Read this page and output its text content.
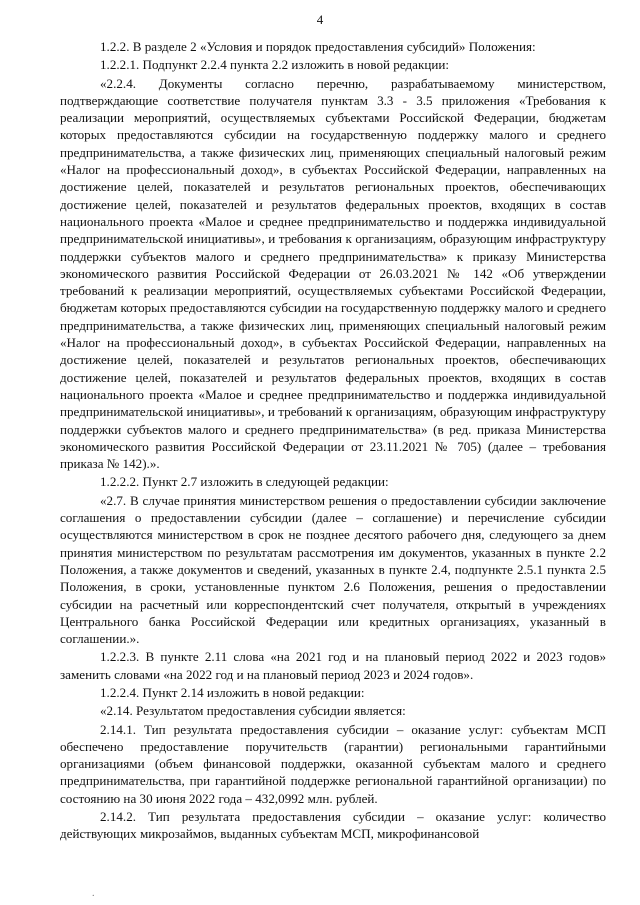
4

1.2.2. В разделе 2 «Условия и порядок предоставления субсидий» Положения:

1.2.2.1. Подпункт 2.2.4 пункта 2.2 изложить в новой редакции:

«2.2.4. Документы согласно перечню, разрабатываемому министерством, подтверждающие соответствие получателя пунктам 3.3 - 3.5 приложения «Требования к реализации мероприятий, осуществляемых субъектами Российской Федерации, бюджетам которых предоставляются субсидии на государственную поддержку малого и среднего предпринимательства, а также физических лиц, применяющих специальный налоговый режим «Налог на профессиональный доход», в субъектах Российской Федерации, направленных на достижение целей, показателей и результатов региональных проектов, обеспечивающих достижение целей, показателей и результатов федеральных проектов, входящих в состав национального проекта «Малое и среднее предпринимательство и поддержка индивидуальной предпринимательской инициативы», и требования к организациям, образующим инфраструктуру поддержки субъектов малого и среднего предпринимательства» к приказу Министерства экономического развития Российской Федерации от 26.03.2021 № 142 «Об утверждении требований к реализации мероприятий, осуществляемых субъектами Российской Федерации, бюджетам которых предоставляются субсидии на государственную поддержку малого и среднего предпринимательства, а также физических лиц, применяющих специальный налоговый режим «Налог на профессиональный доход», в субъектах Российской Федерации, направленных на достижение целей, показателей и результатов региональных проектов, обеспечивающих достижение целей, показателей и результатов федеральных проектов, входящих в состав национального проекта «Малое и среднее предпринимательство и поддержка индивидуальной предпринимательской инициативы», и требований к организациям, образующим инфраструктуру поддержки субъектов малого и среднего предпринимательства» (в ред. приказа Министерства экономического развития Российской Федерации от 23.11.2021 № 705) (далее – требования приказа № 142).».

1.2.2.2. Пункт 2.7 изложить в следующей редакции:

«2.7. В случае принятия министерством решения о предоставлении субсидии заключение соглашения о предоставлении субсидии (далее – соглашение) и перечисление субсидии осуществляются министерством в срок не позднее десятого рабочего дня, следующего за днем принятия министерством по результатам рассмотрения им документов, указанных в пункте 2.2 Положения, а также документов и сведений, указанных в пункте 2.4, подпункте 2.5.1 пункта 2.5 Положения, в сроки, установленные пунктом 2.6 Положения, решения о предоставлении субсидии на расчетный или корреспондентский счет получателя, открытый в учреждениях Центрального банка Российской Федерации или кредитных организациях, указанный в соглашении.».

1.2.2.3. В пункте 2.11 слова «на 2021 год и на плановый период 2022 и 2023 годов» заменить словами «на 2022 год и на плановый период 2023 и 2024 годов».

1.2.2.4. Пункт 2.14 изложить в новой редакции:

«2.14. Результатом предоставления субсидии является:

2.14.1. Тип результата предоставления субсидии – оказание услуг: субъектам МСП обеспечено предоставление поручительств (гарантии) региональными гарантийными организациями (объем финансовой поддержки, оказанной субъектам малого и среднего предпринимательства, при гарантийной поддержке региональной гарантийной организации) по состоянию на 30 июня 2022 года – 432,0992 млн. рублей.

2.14.2. Тип результата предоставления субсидии – оказание услуг: количество действующих микрозаймов, выданных субъектам МСП, микрофинансовой

.
